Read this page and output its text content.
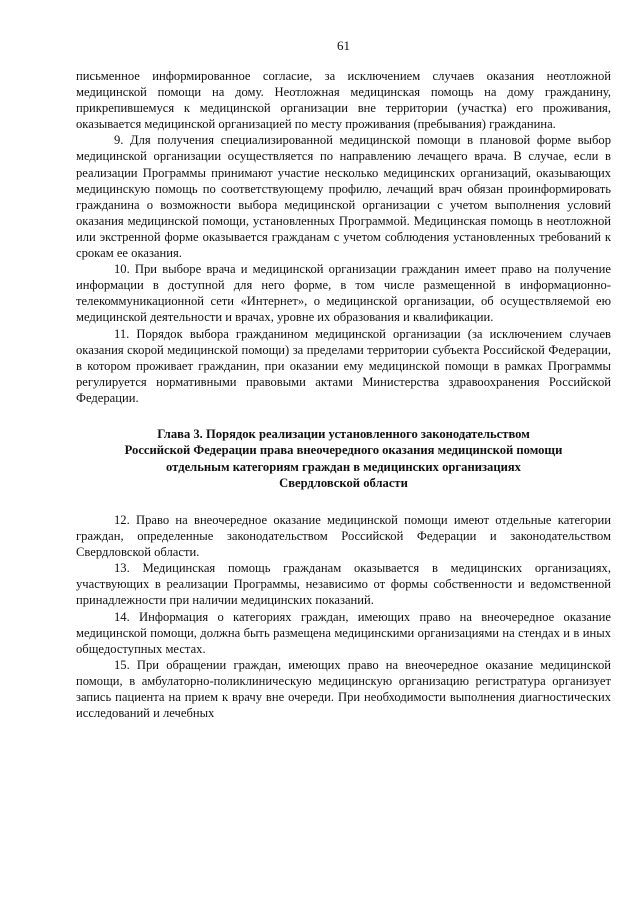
61

письменное информированное согласие, за исключением случаев оказания неотложной медицинской помощи на дому. Неотложная медицинская помощь на дому гражданину, прикрепившемуся к медицинской организации вне территории (участка) его проживания, оказывается медицинской организацией по месту проживания (пребывания) гражданина.

9. Для получения специализированной медицинской помощи в плановой форме выбор медицинской организации осуществляется по направлению лечащего врача. В случае, если в реализации Программы принимают участие несколько медицинских организаций, оказывающих медицинскую помощь по соответствующему профилю, лечащий врач обязан проинформировать гражданина о возможности выбора медицинской организации с учетом выполнения условий оказания медицинской помощи, установленных Программой. Медицинская помощь в неотложной или экстренной форме оказывается гражданам с учетом соблюдения установленных требований к срокам ее оказания.

10. При выборе врача и медицинской организации гражданин имеет право на получение информации в доступной для него форме, в том числе размещенной в информационно-телекоммуникационной сети «Интернет», о медицинской организации, об осуществляемой ею медицинской деятельности и врачах, уровне их образования и квалификации.

11. Порядок выбора гражданином медицинской организации (за исключением случаев оказания скорой медицинской помощи) за пределами территории субъекта Российской Федерации, в котором проживает гражданин, при оказании ему медицинской помощи в рамках Программы регулируется нормативными правовыми актами Министерства здравоохранения Российской Федерации.

Глава 3. Порядок реализации установленного законодательством
Российской Федерации права внеочередного оказания медицинской помощи
отдельным категориям граждан в медицинских организациях
Свердловской области

12. Право на внеочередное оказание медицинской помощи имеют отдельные категории граждан, определенные законодательством Российской Федерации и законодательством Свердловской области.

13. Медицинская помощь гражданам оказывается в медицинских организациях, участвующих в реализации Программы, независимо от формы собственности и ведомственной принадлежности при наличии медицинских показаний.

14. Информация о категориях граждан, имеющих право на внеочередное оказание медицинской помощи, должна быть размещена медицинскими организациями на стендах и в иных общедоступных местах.

15. При обращении граждан, имеющих право на внеочередное оказание медицинской помощи, в амбулаторно-поликлиническую медицинскую организацию регистратура организует запись пациента на прием к врачу вне очереди. При необходимости выполнения диагностических исследований и лечебных
